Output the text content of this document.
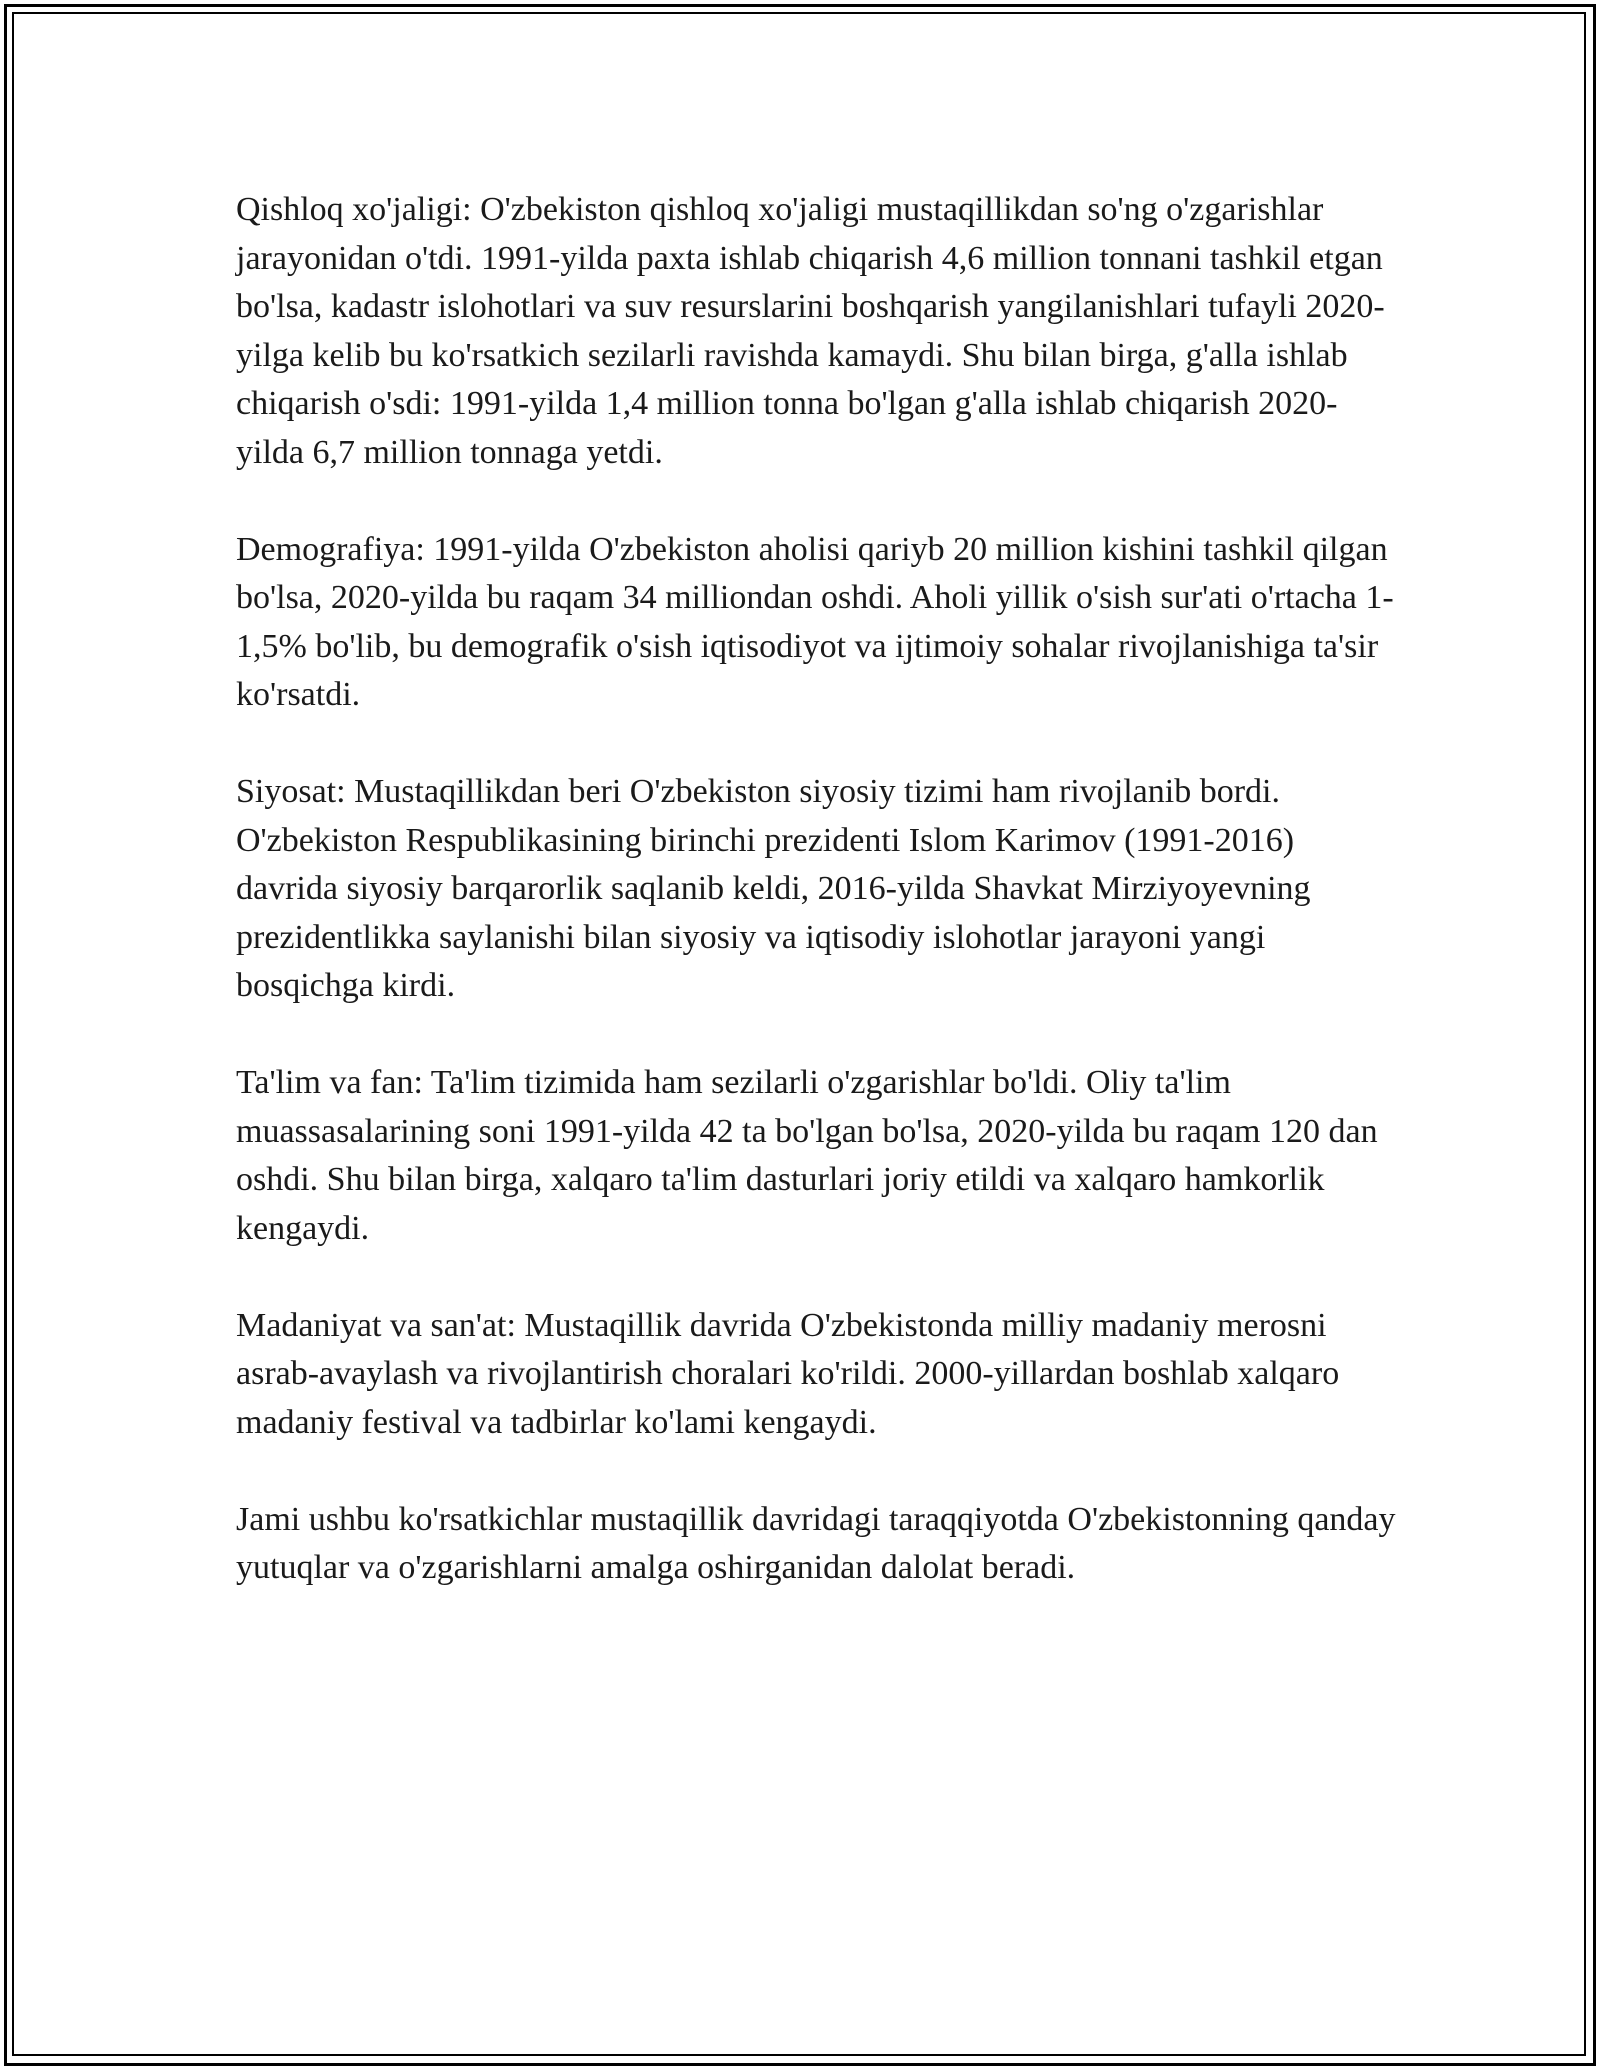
Qishloq xo'jaligi: O'zbekiston qishloq xo'jaligi mustaqillikdan so'ng o'zgarishlar jarayonidan o'tdi. 1991-yilda paxta ishlab chiqarish 4,6 million tonnani tashkil etgan bo'lsa, kadastr islohotlari va suv resurslarini boshqarish yangilanishlari tufayli 2020-yilga kelib bu ko'rsatkich sezilarli ravishda kamaydi. Shu bilan birga, g'alla ishlab chiqarish o'sdi: 1991-yilda 1,4 million tonna bo'lgan g'alla ishlab chiqarish 2020-yilda 6,7 million tonnaga yetdi.

Demografiya: 1991-yilda O'zbekiston aholisi qariyb 20 million kishini tashkil qilgan bo'lsa, 2020-yilda bu raqam 34 milliondan oshdi. Aholi yillik o'sish sur'ati o'rtacha 1-1,5% bo'lib, bu demografik o'sish iqtisodiyot va ijtimoiy sohalar rivojlanishiga ta'sir ko'rsatdi.

Siyosat: Mustaqillikdan beri O'zbekiston siyosiy tizimi ham rivojlanib bordi. O'zbekiston Respublikasining birinchi prezidenti Islom Karimov (1991-2016) davrida siyosiy barqarorlik saqlanib keldi, 2016-yilda Shavkat Mirziyoyevning prezidentlikka saylanishi bilan siyosiy va iqtisodiy islohotlar jarayoni yangi bosqichga kirdi.

Ta'lim va fan: Ta'lim tizimida ham sezilarli o'zgarishlar bo'ldi. Oliy ta'lim muassasalarining soni 1991-yilda 42 ta bo'lgan bo'lsa, 2020-yilda bu raqam 120 dan oshdi. Shu bilan birga, xalqaro ta'lim dasturlari joriy etildi va xalqaro hamkorlik kengaydi.

Madaniyat va san'at: Mustaqillik davrida O'zbekistonda milliy madaniy merosni asrab-avaylash va rivojlantirish choralari ko'rildi. 2000-yillardan boshlab xalqaro madaniy festival va tadbirlar ko'lami kengaydi.

Jami ushbu ko'rsatkichlar mustaqillik davridagi taraqqiyotda O'zbekistonning qanday yutuqlar va o'zgarishlarni amalga oshirganidan dalolat beradi.
